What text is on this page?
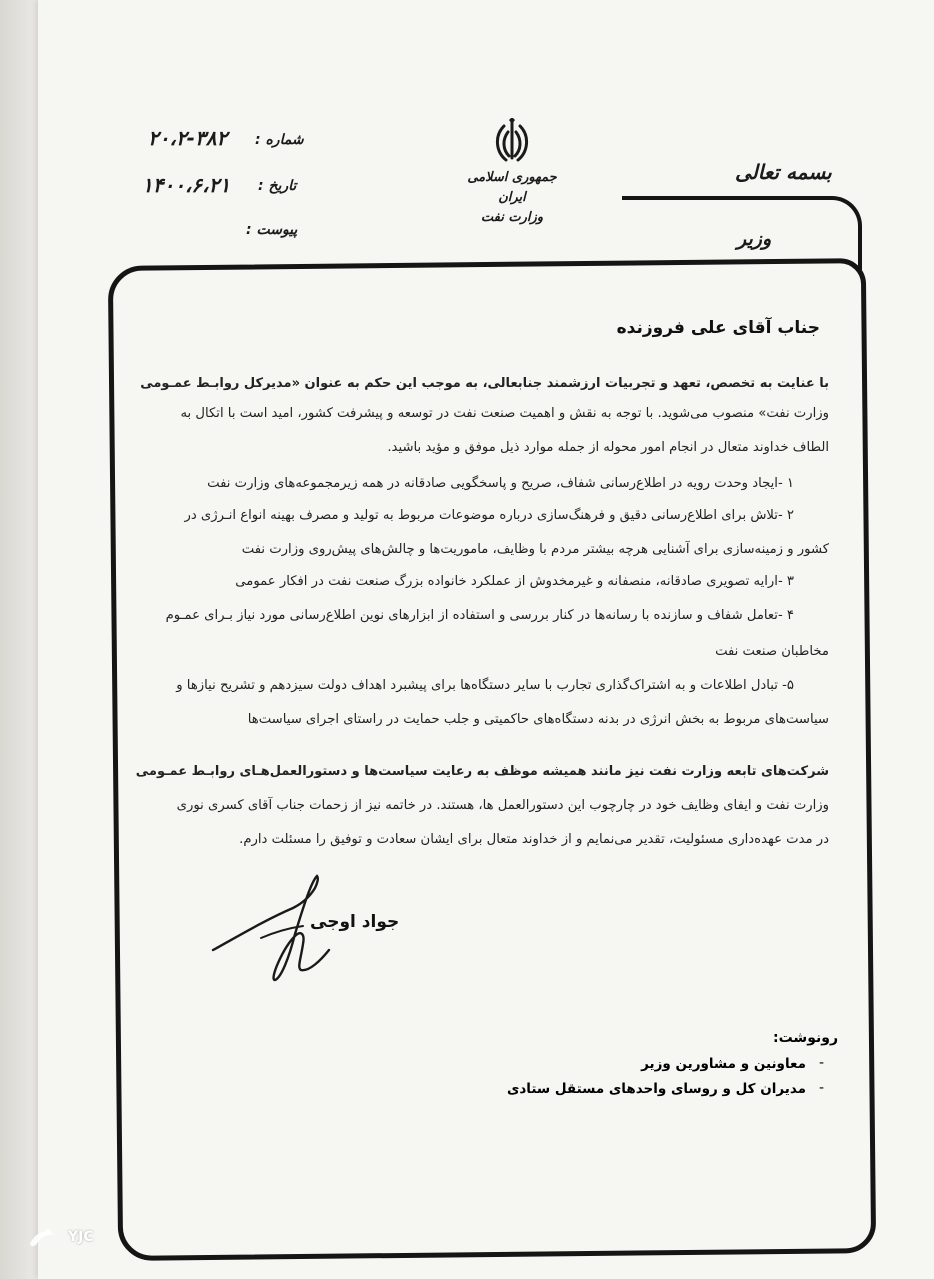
بسمه تعالی
وزیر
جمهوری اسلامی ایران
وزارت نفت
شماره :
۲۰،۲-۳۸۲
تاریخ :
۱۴۰۰،۶،۲۱
پیوست :
جناب آقای علی فروزنده
با عنایت به تخصص، تعهد و تجربیات ارزشمند جنابعالی، به موجب این حکم به عنوان «مدیرکل روابـط عمـومی
وزارت نفت» منصوب می‌شوید. با توجه به نقش و اهمیت صنعت نفت در توسعه و پیشرفت کشور، امید است با اتکال به
الطاف خداوند متعال در انجام امور محوله از جمله موارد ذیل موفق و مؤید باشید.
۱ -ایجاد وحدت رویه در اطلاع‌رسانی شفاف، صریح و پاسخگویی صادقانه در همه زیرمجموعه‌های وزارت نفت
۲ -تلاش برای اطلاع‌رسانی دقیق و فرهنگ‌سازی درباره موضوعات مربوط به تولید و مصرف بهینه انواع انـرژی در
کشور و زمینه‌سازی برای آشنایی هرچه بیشتر مردم با وظایف، ماموریت‌ها و چالش‌های پیش‌روی وزارت نفت
۳ -ارایه تصویری صادقانه، منصفانه و غیرمخدوش از عملکرد خانواده بزرگ صنعت نفت در افکار عمومی
۴ -تعامل شفاف و سازنده با رسانه‌ها در کنار بررسی و استفاده از ابزارهای نوین اطلاع‌رسانی مورد نیاز بـرای عمـوم
مخاطبان صنعت نفت
۵- تبادل اطلاعات و به اشتراک‌گذاری تجارب با سایر دستگاه‌ها برای پیشبرد اهداف دولت سیزدهم و تشریح نیازها و
سیاست‌های مربوط به بخش انرژی در بدنه دستگاه‌های حاکمیتی و جلب حمایت در راستای اجرای سیاست‌ها
شرکت‌های تابعه وزارت نفت نیز مانند همیشه موظف به رعایت سیاست‌ها و دستورالعمل‌هـای روابـط عمـومی
وزارت نفت و ایفای وظایف خود در چارچوب این دستورالعمل ها، هستند. در خاتمه نیز از زحمات جناب آقای کسری نوری
در مدت عهده‌داری مسئولیت، تقدیر می‌نمایم و از خداوند متعال برای ایشان سعادت و توفیق را مسئلت دارم.
جواد اوجی
رونوشت:
معاونین و مشاورین وزیر -
مدیران کل و روسای واحدهای مستقل ستادی -
YJC
